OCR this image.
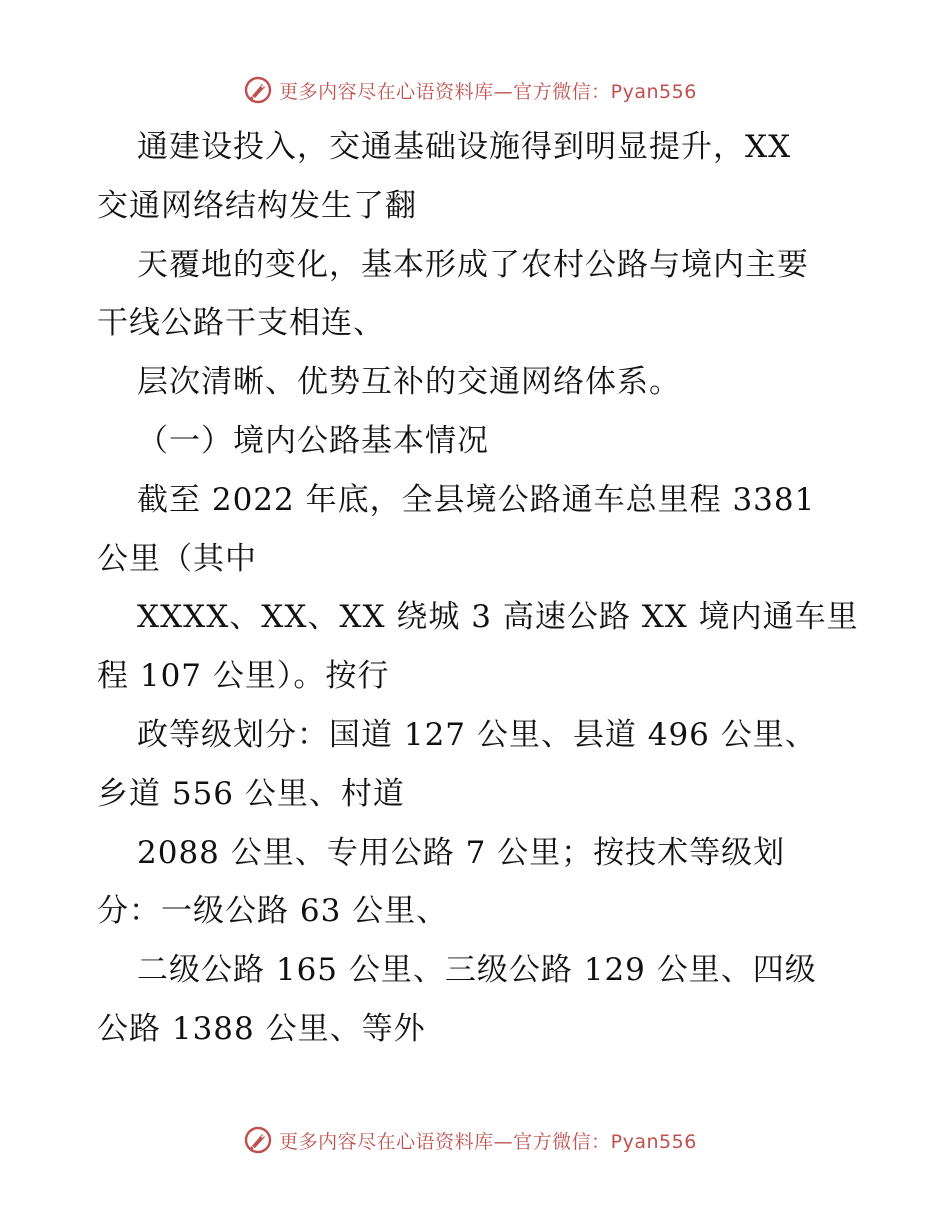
更多内容尽在心语资料库—官方微信：Pyan556
通建设投入，交通基础设施得到明显提升，XX
交通网络结构发生了翻
天覆地的变化，基本形成了农村公路与境内主要
干线公路干支相连、
层次清晰、优势互补的交通网络体系。
（一）境内公路基本情况
截至 2022 年底，全县境公路通车总里程 3381
公里（其中
XXXX、XX、XX 绕城 3 高速公路 XX 境内通车里
程 107 公里）。按行
政等级划分：国道 127 公里、县道 496 公里、
乡道 556 公里、村道
2088 公里、专用公路 7 公里；按技术等级划
分：一级公路 63 公里、
二级公路 165 公里、三级公路 129 公里、四级
公路 1388 公里、等外
更多内容尽在心语资料库—官方微信：Pyan556
